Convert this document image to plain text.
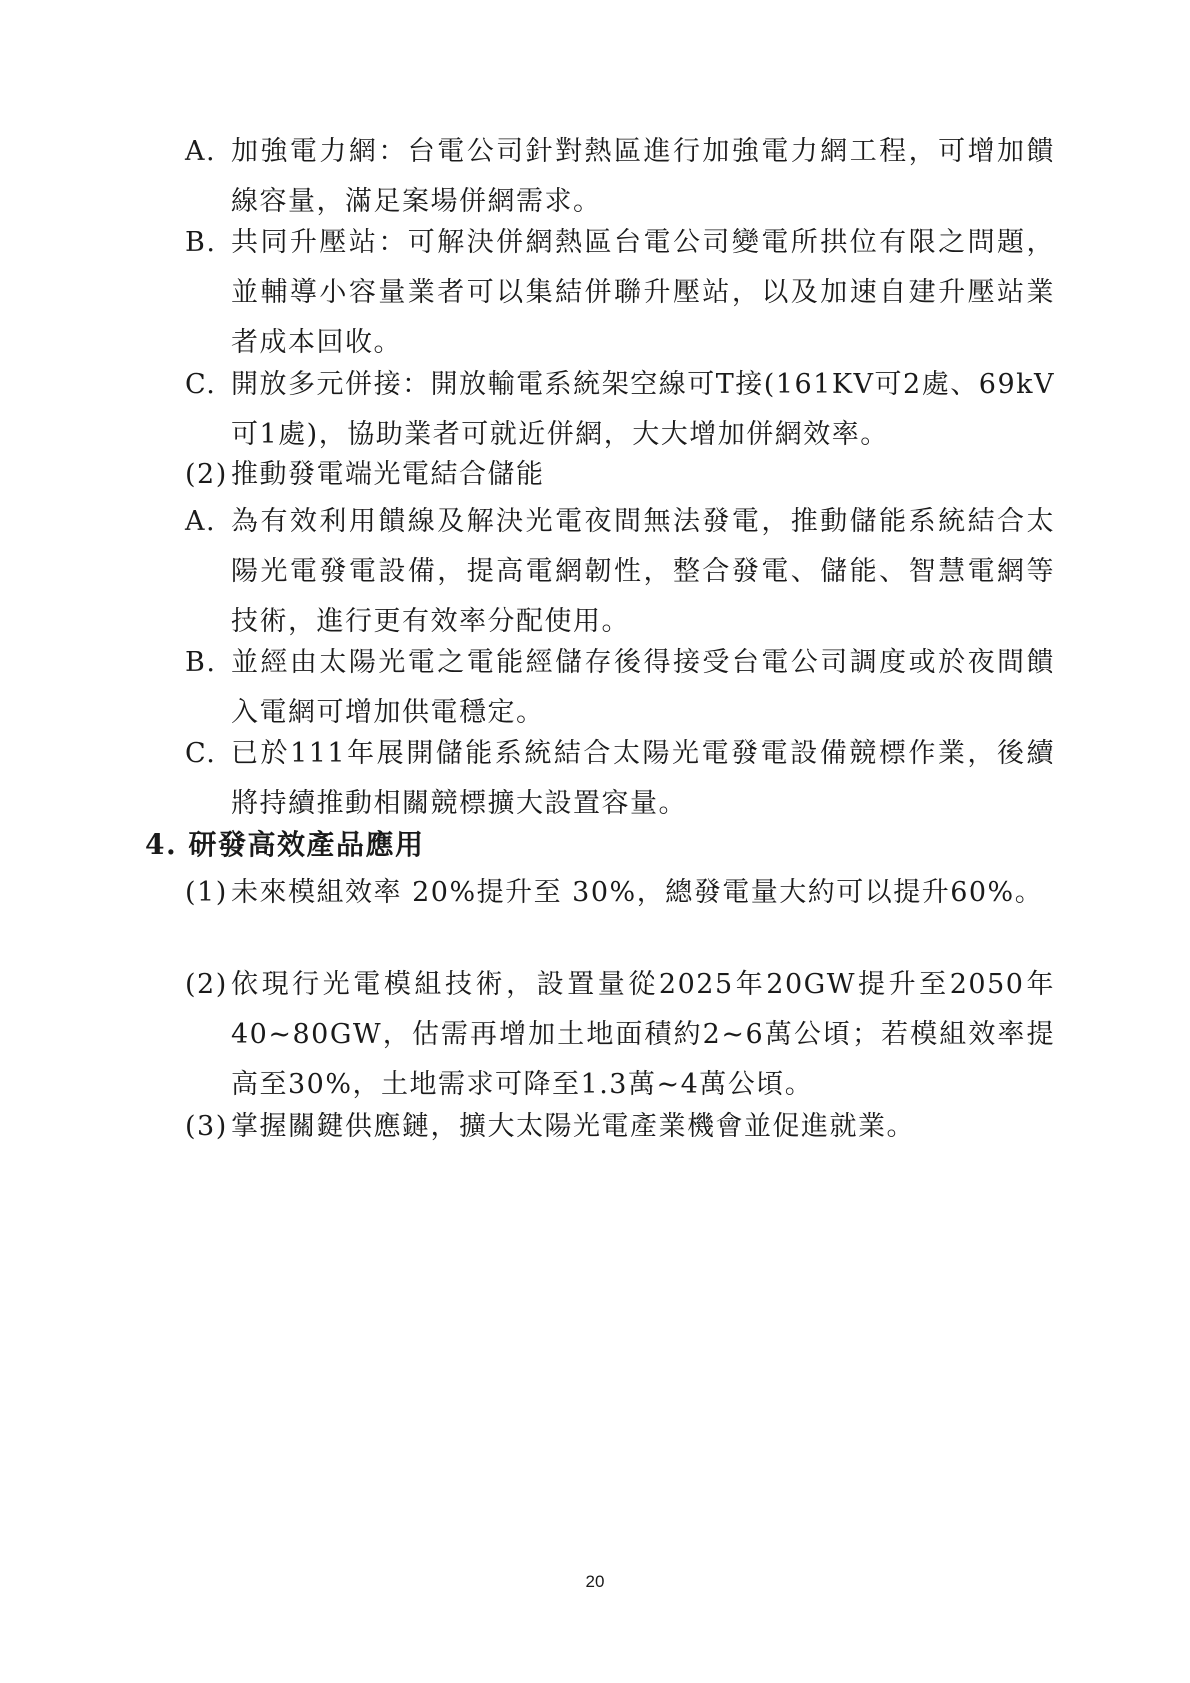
A. 加強電力網：台電公司針對熱區進行加強電力網工程，可增加饋線容量，滿足案場併網需求。
B. 共同升壓站：可解決併網熱區台電公司變電所拱位有限之問題，並輔導小容量業者可以集結併聯升壓站，以及加速自建升壓站業者成本回收。
C. 開放多元併接：開放輸電系統架空線可T接(161KV可2處、69kV可1處)，協助業者可就近併網，大大增加併網效率。
(2) 推動發電端光電結合儲能
A. 為有效利用饋線及解決光電夜間無法發電，推動儲能系統結合太陽光電發電設備，提高電網韌性，整合發電、儲能、智慧電網等技術，進行更有效率分配使用。
B. 並經由太陽光電之電能經儲存後得接受台電公司調度或於夜間饋入電網可增加供電穩定。
C. 已於111年展開儲能系統結合太陽光電發電設備競標作業，後續將持續推動相關競標擴大設置容量。
4. 研發高效產品應用
(1) 未來模組效率 20%提升至 30%，總發電量大約可以提升60%。
(2) 依現行光電模組技術，設置量從2025年20GW提升至2050年40~80GW，估需再增加土地面積約2~6萬公頃；若模組效率提高至30%，土地需求可降至1.3萬~4萬公頃。
(3) 掌握關鍵供應鏈，擴大太陽光電產業機會並促進就業。
20
